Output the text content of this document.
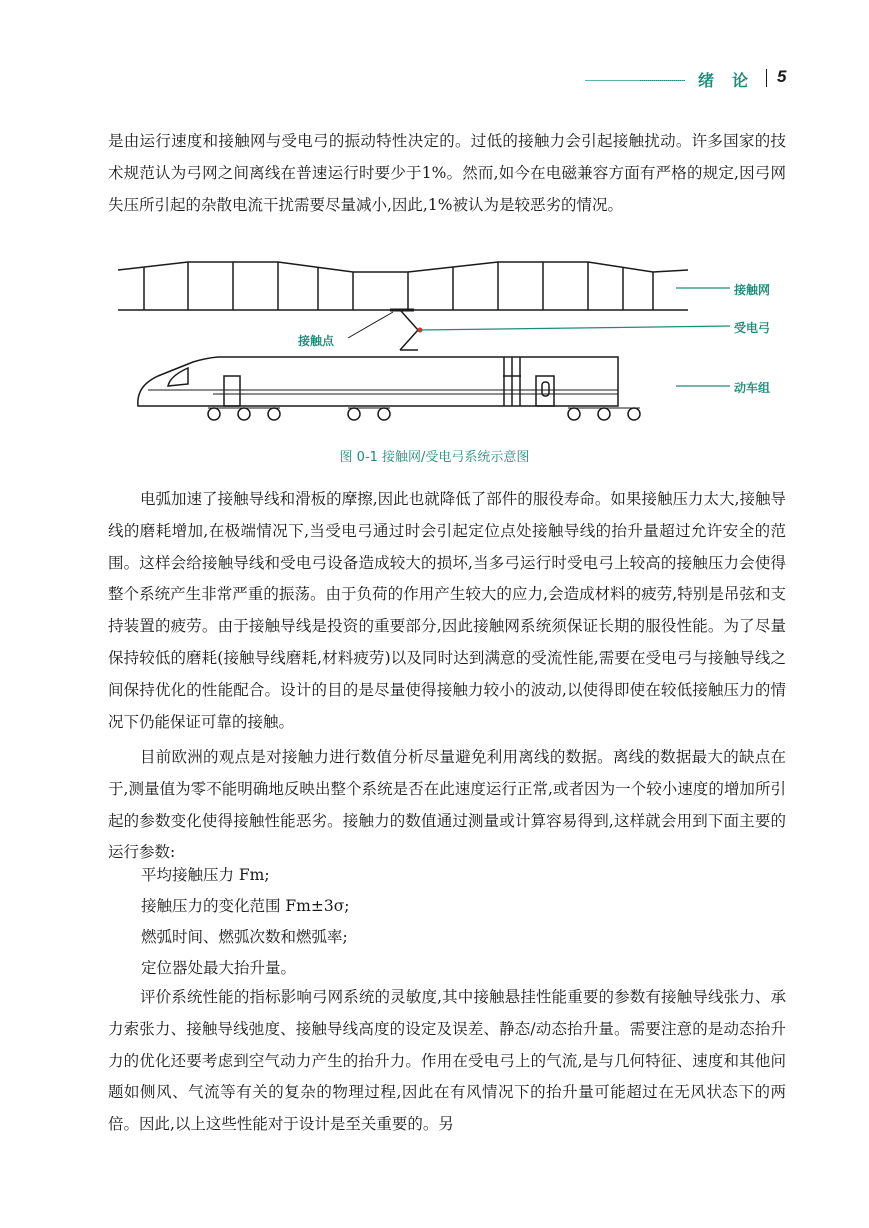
绪论 5

是由运行速度和接触网与受电弓的振动特性决定的。过低的接触力会引起接触扰动。许多国家的技术规范认为弓网之间离线在普速运行时要少于1%。然而,如今在电磁兼容方面有严格的规定,因弓网失压所引起的杂散电流干扰需要尽量减小,因此,1%被认为是较恶劣的情况。

接触网
受电弓
接触点
动车组
图 0-1 接触网/受电弓系统示意图

电弧加速了接触导线和滑板的摩擦,因此也就降低了部件的服役寿命。如果接触压力太大,接触导线的磨耗增加,在极端情况下,当受电弓通过时会引起定位点处接触导线的抬升量超过允许安全的范围。这样会给接触导线和受电弓设备造成较大的损坏,当多弓运行时受电弓上较高的接触压力会使得整个系统产生非常严重的振荡。由于负荷的作用产生较大的应力,会造成材料的疲劳,特别是吊弦和支持装置的疲劳。由于接触导线是投资的重要部分,因此接触网系统须保证长期的服役性能。为了尽量保持较低的磨耗(接触导线磨耗,材料疲劳)以及同时达到满意的受流性能,需要在受电弓与接触导线之间保持优化的性能配合。设计的目的是尽量使得接触力较小的波动,以使得即使在较低接触压力的情况下仍能保证可靠的接触。

目前欧洲的观点是对接触力进行数值分析尽量避免利用离线的数据。离线的数据最大的缺点在于,测量值为零不能明确地反映出整个系统是否在此速度运行正常,或者因为一个较小速度的增加所引起的参数变化使得接触性能恶劣。接触力的数值通过测量或计算容易得到,这样就会用到下面主要的运行参数:

平均接触压力 Fm;

接触压力的变化范围 Fm±3σ;

燃弧时间、燃弧次数和燃弧率;

定位器处最大抬升量。

评价系统性能的指标影响弓网系统的灵敏度,其中接触悬挂性能重要的参数有接触导线张力、承力索张力、接触导线弛度、接触导线高度的设定及误差、静态/动态抬升量。需要注意的是动态抬升力的优化还要考虑到空气动力产生的抬升力。作用在受电弓上的气流,是与几何特征、速度和其他问题如侧风、气流等有关的复杂的物理过程,因此在有风情况下的抬升量可能超过在无风状态下的两倍。因此,以上这些性能对于设计是至关重要的。另
